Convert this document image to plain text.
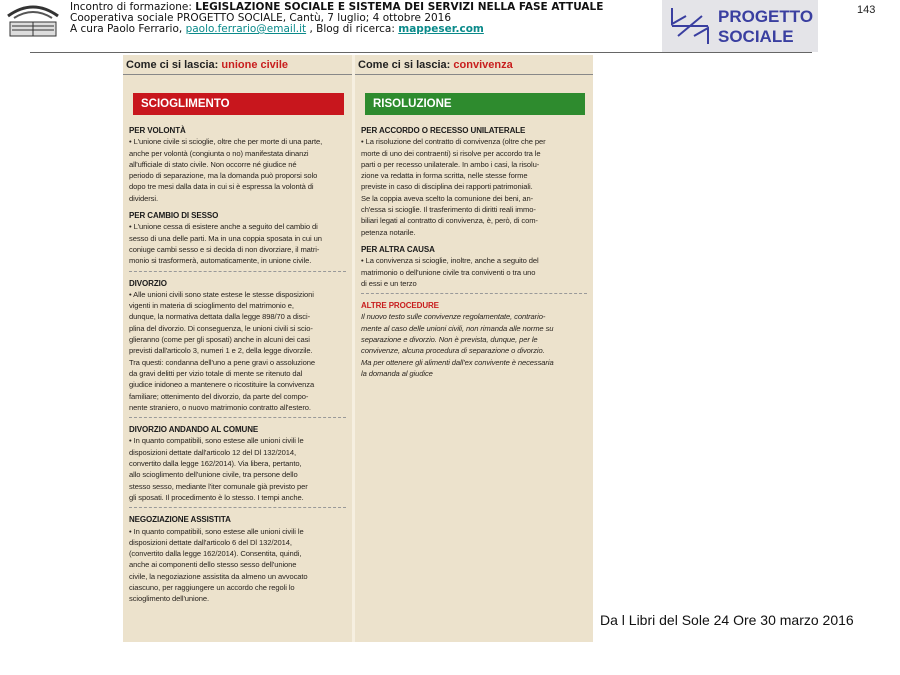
Incontro di formazione: LEGISLAZIONE SOCIALE E SISTEMA DEI SERVIZI NELLA FASE ATTUALE
Cooperativa sociale PROGETTO SOCIALE, Cantù, 7 luglio; 4 ottobre 2016
A cura Paolo Ferrario, paolo.ferrario@email.it , Blog di ricerca: mappeser.com
PROGETTO
SOCIALE
143
Come ci si lascia: unione civile
SCIOGLIMENTO
PER VOLONTÀ
• L'unione civile si scioglie, oltre che per morte di una parte,
anche per volontà (congiunta o no) manifestata dinanzi
all'ufficiale di stato civile. Non occorre né giudice né
periodo di separazione, ma la domanda può proporsi solo
dopo tre mesi dalla data in cui si è espressa la volontà di
dividersi.
PER CAMBIO DI SESSO
• L'unione cessa di esistere anche a seguito del cambio di
sesso di una delle parti. Ma in una coppia sposata in cui un
coniuge cambi sesso e si decida di non divorziare, il matri-
monio si trasformerà, automaticamente, in unione civile.
DIVORZIO
• Alle unioni civili sono state estese le stesse disposizioni
vigenti in materia di scioglimento del matrimonio e,
dunque, la normativa dettata dalla legge 898/70 a disci-
plina del divorzio. Di conseguenza, le unioni civili si scio-
glieranno (come per gli sposati) anche in alcuni dei casi
previsti dall'articolo 3, numeri 1 e 2, della legge divorzile.
Tra questi: condanna dell'uno a pene gravi o assoluzione
da gravi delitti per vizio totale di mente se ritenuto dal
giudice inidoneo a mantenere o ricostituire la convivenza
familiare; ottenimento del divorzio, da parte del compo-
nente straniero, o nuovo matrimonio contratto all'estero.
DIVORZIO ANDANDO AL COMUNE
• In quanto compatibili, sono estese alle unioni civili le
disposizioni dettate dall'articolo 12 del Dl 132/2014,
convertito dalla legge 162/2014). Via libera, pertanto,
allo scioglimento dell'unione civile, tra persone dello
stesso sesso, mediante l'iter comunale già previsto per
gli sposati. Il procedimento è lo stesso. I tempi anche.
NEGOZIAZIONE ASSISTITA
• In quanto compatibili, sono estese alle unioni civili le
disposizioni dettate dall'articolo 6 del Dl 132/2014,
(convertito dalla legge 162/2014). Consentita, quindi,
anche ai componenti dello stesso sesso dell'unione
civile, la negoziazione assistita da almeno un avvocato
ciascuno, per raggiungere un accordo che regoli lo
scioglimento dell'unione.
Come ci si lascia: convivenza
RISOLUZIONE
PER ACCORDO O RECESSO UNILATERALE
• La risoluzione del contratto di convivenza (oltre che per
morte di uno dei contraenti) si risolve per accordo tra le
parti o per recesso unilaterale. In ambo i casi, la risolu-
zione va redatta in forma scritta, nelle stesse forme
previste in caso di disciplina dei rapporti patrimoniali.
Se la coppia aveva scelto la comunione dei beni, an-
ch'essa si scioglie. Il trasferimento di diritti reali immo-
biliari legati al contratto di convivenza, è, però, di com-
petenza notarile.
PER ALTRA CAUSA
• La convivenza si scioglie, inoltre, anche a seguito del
matrimonio o dell'unione civile tra conviventi o tra uno
di essi e un terzo
ALTRE PROCEDURE
Il nuovo testo sulle convivenze regolamentate, contrario-
mente al caso delle unioni civili, non rimanda alle norme su
separazione e divorzio. Non è prevista, dunque, per le
convivenze, alcuna procedura di separazione o divorzio.
Ma per ottenere gli alimenti dall'ex convivente è necessaria
la domanda al giudice
Da l Libri del Sole 24 Ore 30 marzo 2016
